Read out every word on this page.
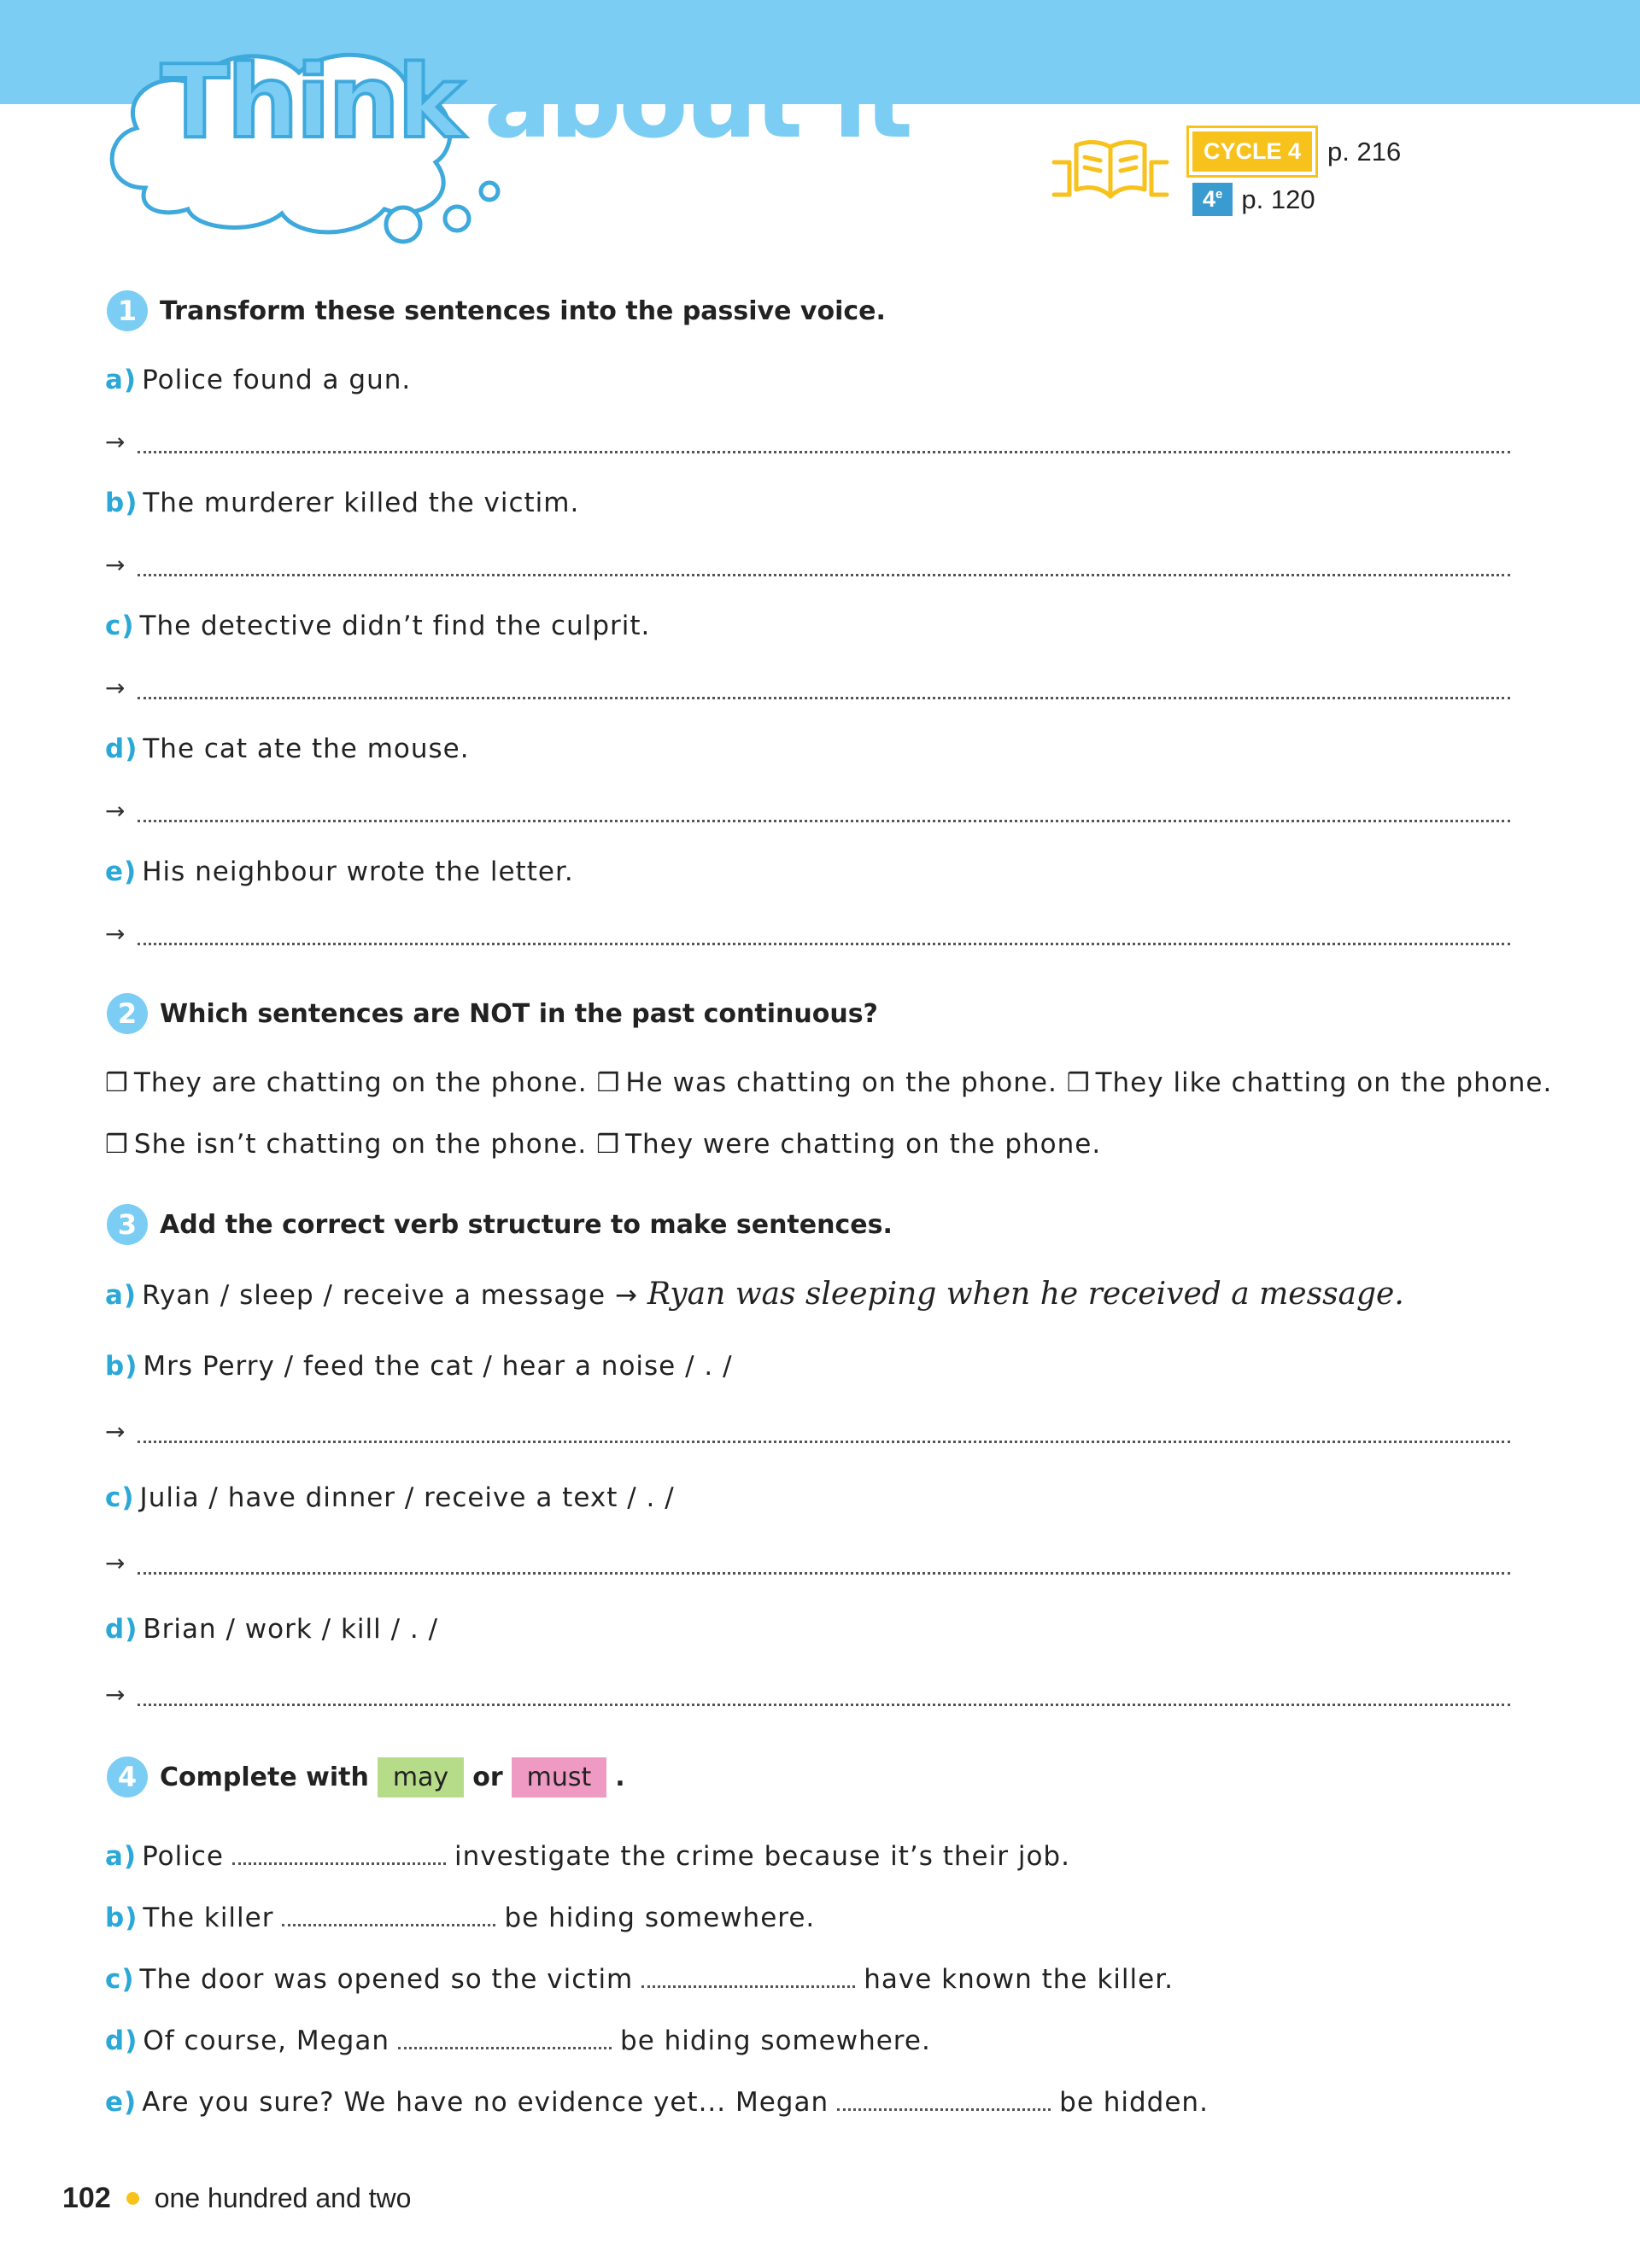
Think about it	CYCLE 4	p. 216
4e p. 120
1 Transform these sentences into the passive voice.
a) Police found a gun.
→
b) The murderer killed the victim.
→
c) The detective didn’t find the culprit.
→
d) The cat ate the mouse.
→
e) His neighbour wrote the letter.
→
2 Which sentences are NOT in the past continuous?
❒ They are chatting on the phone. ❒ He was chatting on the phone. ❒ They like chatting on the phone.
❒ She isn’t chatting on the phone. ❒ They were chatting on the phone.
3 Add the correct verb structure to make sentences.
a) Ryan / sleep / receive a message → Ryan was sleeping when he received a message.
b) Mrs Perry / feed the cat / hear a noise / . /
→
c) Julia / have dinner / receive a text / . /
→
d) Brian / work / kill / . /
→
4 Complete with may or must .
a) Police	investigate the crime because it’s their job.
b) The killer	be hiding somewhere.
c) The door was opened so the victim	have known the killer.
d) Of course, Megan	be hiding somewhere.
e) Are you sure? We have no evidence yet... Megan	be hidden.
102 one hundred and two
